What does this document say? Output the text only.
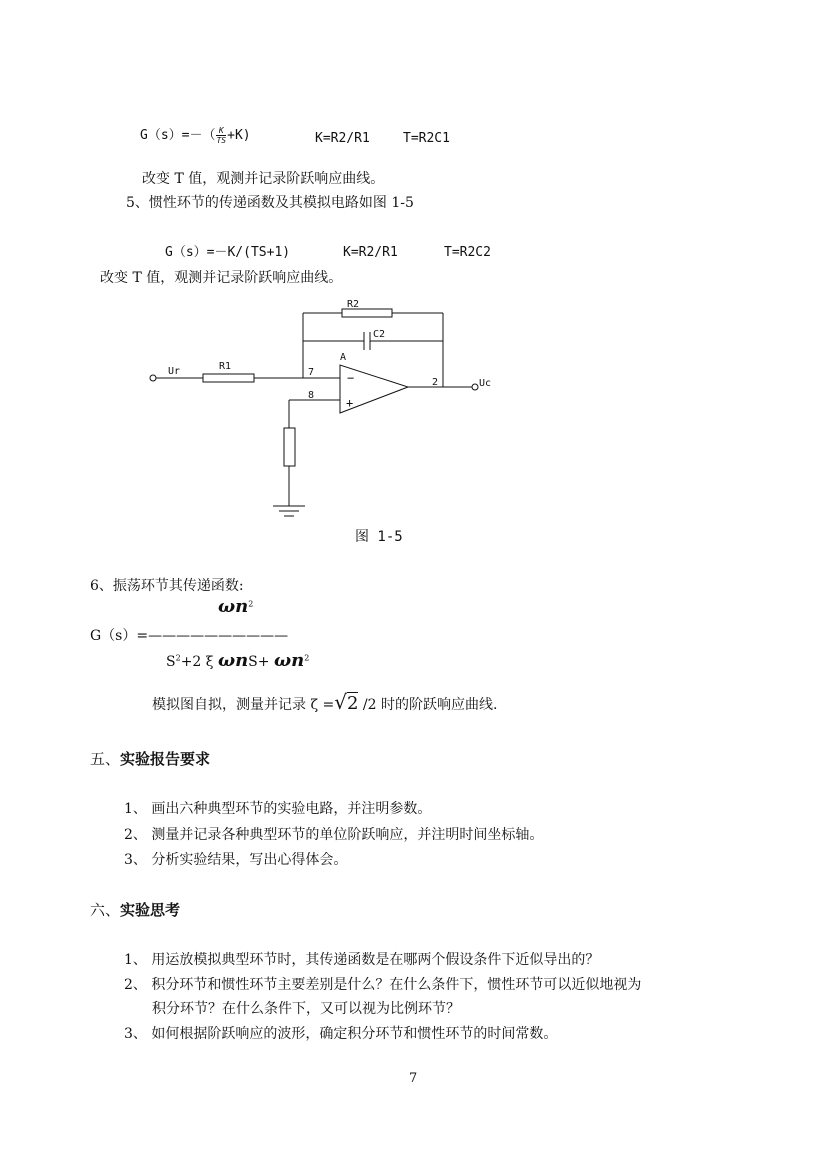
$G(s)=-( \frac{K}{TS} +K)$	K=R2/R1	T=R2C1
改变 T 值，观测并记录阶跃响应曲线。
5、惯性环节的传递函数及其模拟电路如图 1-5
G（s）=－K/(TS+1)	K=R2/R1	T=R2C2
改变 T 值，观测并记录阶跃响应曲线。
R2
C2
R1
Ur
Uc
A
7
8
2
−
+
图 1-5
6、振荡环节其传递函数:
$\omega n^2$
G（s）=——————————
$S^2+2$ ξ $\omega nS+ \omega n^2$
模拟图自拟，测量并记录 ζ =√2 /2 时的阶跃响应曲线.
五、实验报告要求
1、 画出六种典型环节的实验电路，并注明参数。
2、 测量并记录各种典型环节的单位阶跃响应，并注明时间坐标轴。
3、 分析实验结果，写出心得体会。
六、实验思考
1、 用运放模拟典型环节时，其传递函数是在哪两个假设条件下近似导出的？
2、 积分环节和惯性环节主要差别是什么？在什么条件下，惯性环节可以近似地视为
积分环节？在什么条件下，又可以视为比例环节？
3、 如何根据阶跃响应的波形，确定积分环节和惯性环节的时间常数。
7
